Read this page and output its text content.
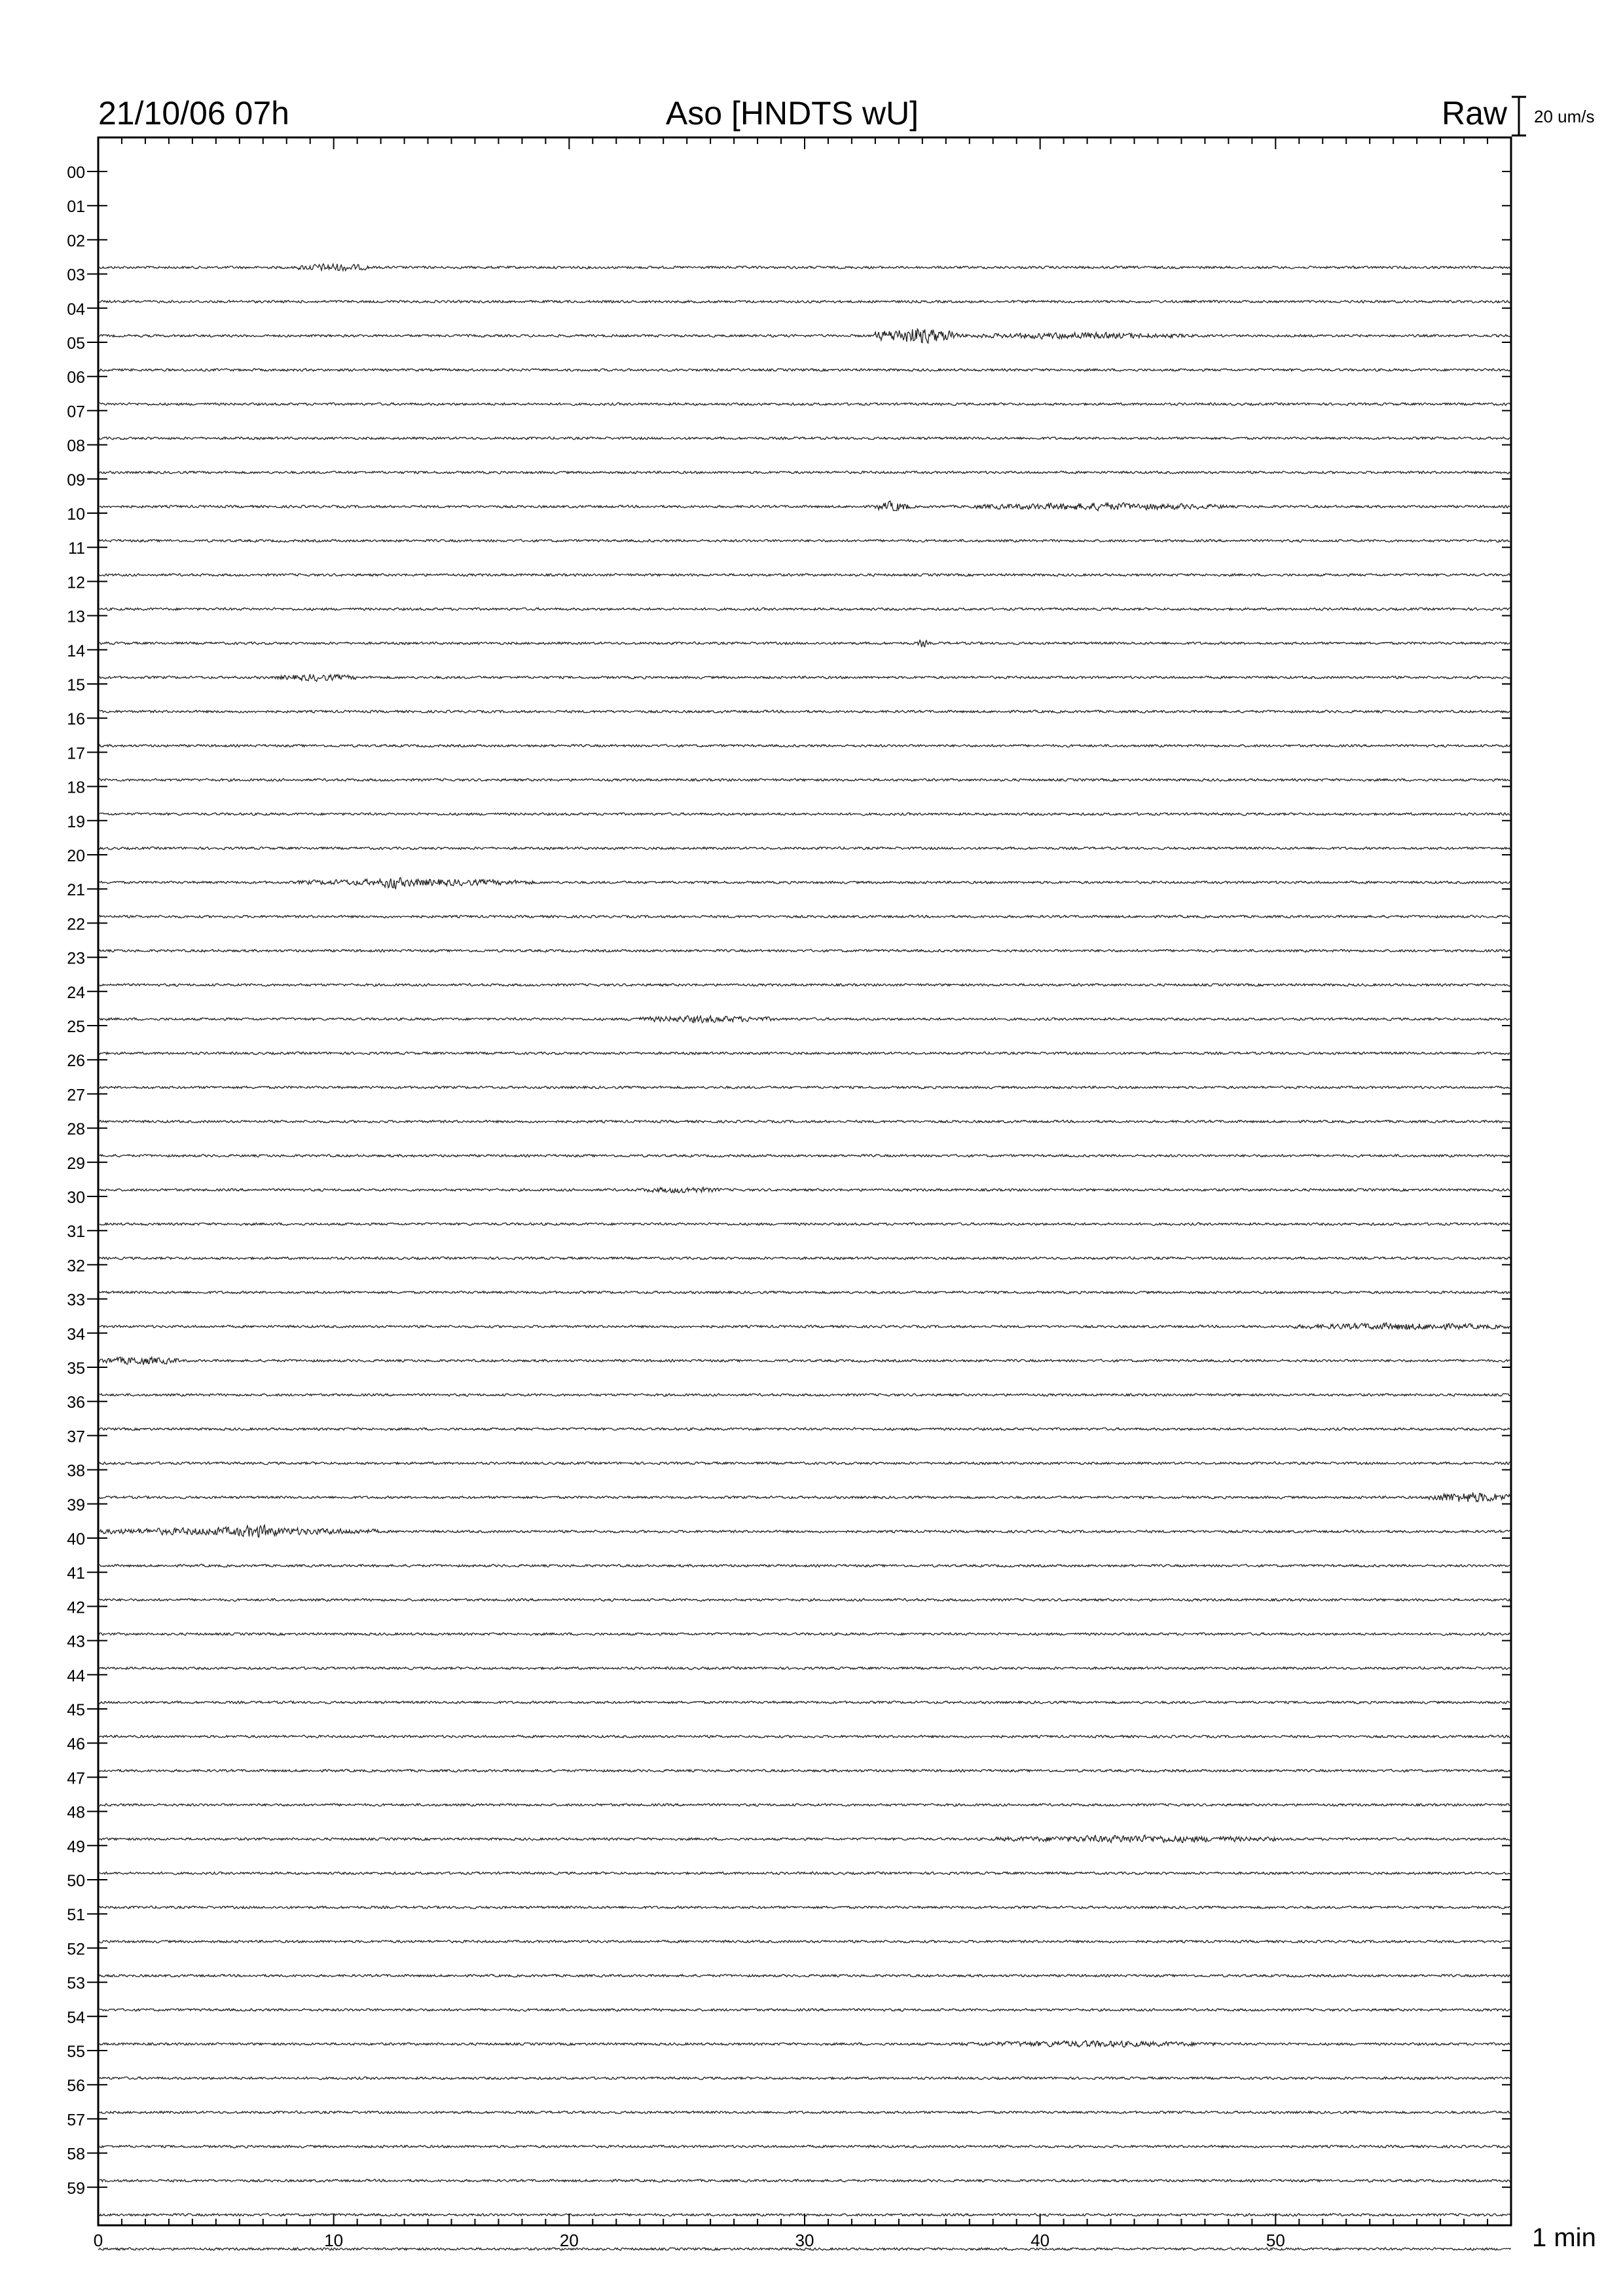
21/10/06 07h	Aso [HNDTS wU]	Raw 20 um/s
1 min
00
01
02
03
04
05
06
07
08
09
10
11
12
13
14
15
16
17
18
19
20
21
22
23
24
25
26
27
28
29
30
31
32
33
34
35
36
37
38
39
40
41
42
43
44
45
46
47
48
49
50
51
52
53
54
55
56
57
58
59
0	10	20	30	40	50
